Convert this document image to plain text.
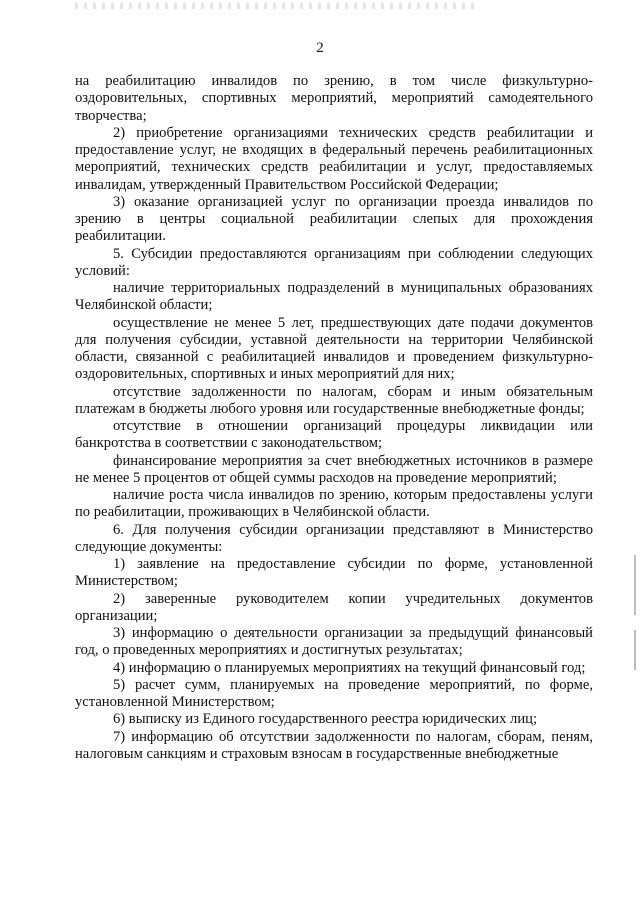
2

на реабилитацию инвалидов по зрению, в том числе физкультурно-оздоровительных, спортивных мероприятий, мероприятий самодеятельного творчества;

2) приобретение организациями технических средств реабилитации и предоставление услуг, не входящих в федеральный перечень реабилитационных мероприятий, технических средств реабилитации и услуг, предоставляемых инвалидам, утвержденный Правительством Российской Федерации;

3) оказание организацией услуг по организации проезда инвалидов по зрению в центры социальной реабилитации слепых для прохождения реабилитации.

5. Субсидии предоставляются организациям при соблюдении следующих условий:

наличие территориальных подразделений в муниципальных образованиях Челябинской области;

осуществление не менее 5 лет, предшествующих дате подачи документов для получения субсидии, уставной деятельности на территории Челябинской области, связанной с реабилитацией инвалидов и проведением физкультурно-оздоровительных, спортивных и иных мероприятий для них;

отсутствие задолженности по налогам, сборам и иным обязательным платежам в бюджеты любого уровня или государственные внебюджетные фонды;

отсутствие в отношении организаций процедуры ликвидации или банкротства в соответствии с законодательством;

финансирование мероприятия за счет внебюджетных источников в размере не менее 5 процентов от общей суммы расходов на проведение мероприятий;

наличие роста числа инвалидов по зрению, которым предоставлены услуги по реабилитации, проживающих в Челябинской области.

6. Для получения субсидии организации представляют в Министерство следующие документы:

1) заявление на предоставление субсидии по форме, установленной Министерством;

2) заверенные руководителем копии учредительных документов организации;

3) информацию о деятельности организации за предыдущий финансовый год, о проведенных мероприятиях и достигнутых результатах;

4) информацию о планируемых мероприятиях на текущий финансовый год;

5) расчет сумм, планируемых на проведение мероприятий, по форме, установленной Министерством;

6) выписку из Единого государственного реестра юридических лиц;

7) информацию об отсутствии задолженности по налогам, сборам, пеням, налоговым санкциям и страховым взносам в государственные внебюджетные
